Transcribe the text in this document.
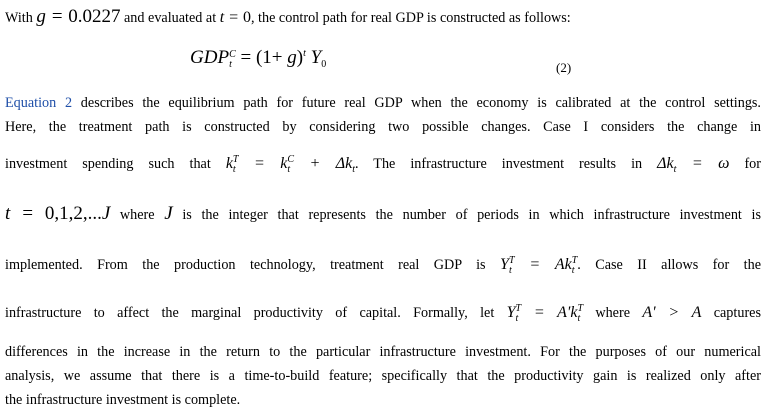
With g = 0.0227 and evaluated at t = 0, the control path for real GDP is constructed as follows:
GDP C
$t = (1+ g)^t$ $Y_0$	(2)
Equation 2 describes the equilibrium path for future real GDP when the economy is calibrated at the control settings.
Here, the treatment path is constructed by considering two possible changes. Case I considers the change in
investment spending such that k T
t = k C
$t + \Delta k_t$. The infrastructure investment results in $\Delta k_t = \omega$ for
t = 0,1,2,...J where J is the integer that represents the number of periods in which infrastructure investment is
implemented. From the production technology, treatment real GDP is Y T
t = Ak T
t . Case II allows for the
infrastructure to affect the marginal productivity of capital. Formally, let Y T
t = A'k T
t where A' > A captures
differences in the increase in the return to the particular infrastructure investment. For the purposes of our numerical
analysis, we assume that there is a time-to-build feature; specifically that the productivity gain is realized only after
the infrastructure investment is complete.
